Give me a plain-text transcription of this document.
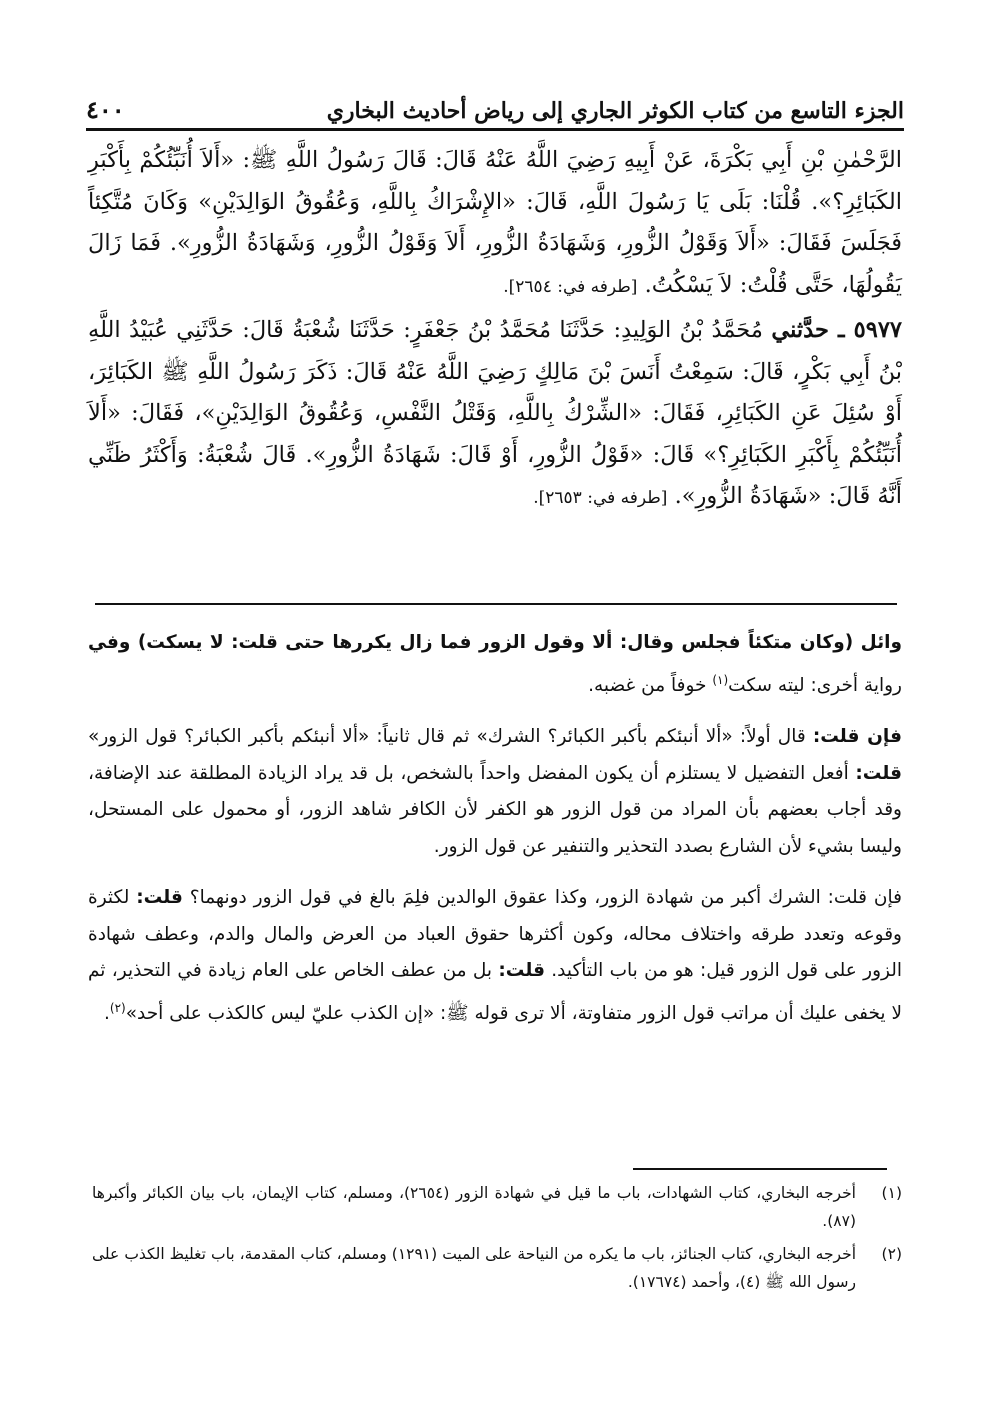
الجزء التاسع من كتاب الكوثر الجاري إلى رياض أحاديث البخاري
٤٠٠

الرَّحْمٰنِ بْنِ أَبِي بَكْرَةَ، عَنْ أَبِيهِ رَضِيَ اللَّهُ عَنْهُ قَالَ: قَالَ رَسُولُ اللَّهِ ﷺ: «أَلاَ أُنَبِّئُكُمْ بِأَكْبَرِ الكَبَائِرِ؟». قُلْنَا: بَلَى يَا رَسُولَ اللَّهِ، قَالَ: «الإِشْرَاكُ بِاللَّهِ، وَعُقُوقُ الوَالِدَيْنِ» وَكَانَ مُتَّكِئاً فَجَلَسَ فَقَالَ: «أَلاَ وَقَوْلُ الزُّورِ، وَشَهَادَةُ الزُّورِ، أَلاَ وَقَوْلُ الزُّورِ، وَشَهَادَةُ الزُّورِ». فَمَا زَالَ يَقُولُهَا، حَتَّى قُلْتُ: لاَ يَسْكُتُ. [طرفه في: ٢٦٥٤].

٥٩٧٧ ـ حدَّثني مُحَمَّدُ بْنُ الوَلِيدِ: حَدَّثَنَا مُحَمَّدُ بْنُ جَعْفَرٍ: حَدَّثَنَا شُعْبَةُ قَالَ: حَدَّثَنِي عُبَيْدُ اللَّهِ بْنُ أَبِي بَكْرٍ، قَالَ: سَمِعْتُ أَنَسَ بْنَ مَالِكٍ رَضِيَ اللَّهُ عَنْهُ قَالَ: ذَكَرَ رَسُولُ اللَّهِ ﷺ الكَبَائِرَ، أَوْ سُئِلَ عَنِ الكَبَائِرِ، فَقَالَ: «الشِّرْكُ بِاللَّهِ، وَقَتْلُ النَّفْسِ، وَعُقُوقُ الوَالِدَيْنِ»، فَقَالَ: «أَلاَ أُنَبِّئُكُمْ بِأَكْبَرِ الكَبَائِرِ؟» قَالَ: «قَوْلُ الزُّورِ، أَوْ قَالَ: شَهَادَةُ الزُّورِ». قَالَ شُعْبَةُ: وَأَكْثَرُ ظَنِّي أَنَّهُ قَالَ: «شَهَادَةُ الزُّورِ». [طرفه في: ٢٦٥٣].

وائل (وكان متكئاً فجلس وقال: ألا وقول الزور فما زال يكررها حتى قلت: لا يسكت) وفي رواية أخرى: ليته سكت$^{(١)}$ خوفاً من غضبه.

فإن قلت: قال أولاً: «ألا أنبئكم بأكبر الكبائر؟ الشرك» ثم قال ثانياً: «ألا أنبئكم بأكبر الكبائر؟ قول الزور» قلت: أفعل التفضيل لا يستلزم أن يكون المفضل واحداً بالشخص، بل قد يراد الزيادة المطلقة عند الإضافة، وقد أجاب بعضهم بأن المراد من قول الزور هو الكفر لأن الكافر شاهد الزور، أو محمول على المستحل، وليسا بشيء لأن الشارع بصدد التحذير والتنفير عن قول الزور.

فإن قلت: الشرك أكبر من شهادة الزور، وكذا عقوق الوالدين فلِمَ بالغ في قول الزور دونهما؟ قلت: لكثرة وقوعه وتعدد طرقه واختلاف محاله، وكون أكثرها حقوق العباد من العرض والمال والدم، وعطف شهادة الزور على قول الزور قيل: هو من باب التأكيد. قلت: بل من عطف الخاص على العام زيادة في التحذير، ثم لا يخفى عليك أن مراتب قول الزور متفاوتة، ألا ترى قوله ﷺ: «إن الكذب عليّ ليس كالكذب على أحد»$^{(٢)}$.

(١)
أخرجه البخاري، كتاب الشهادات، باب ما قيل في شهادة الزور (٢٦٥٤)، ومسلم، كتاب الإيمان، باب بيان الكبائر وأكبرها (٨٧).
(٢)
أخرجه البخاري، كتاب الجنائز، باب ما يكره من النياحة على الميت (١٢٩١) ومسلم، كتاب المقدمة، باب تغليظ الكذب على رسول الله ﷺ (٤)، وأحمد (١٧٦٧٤).
